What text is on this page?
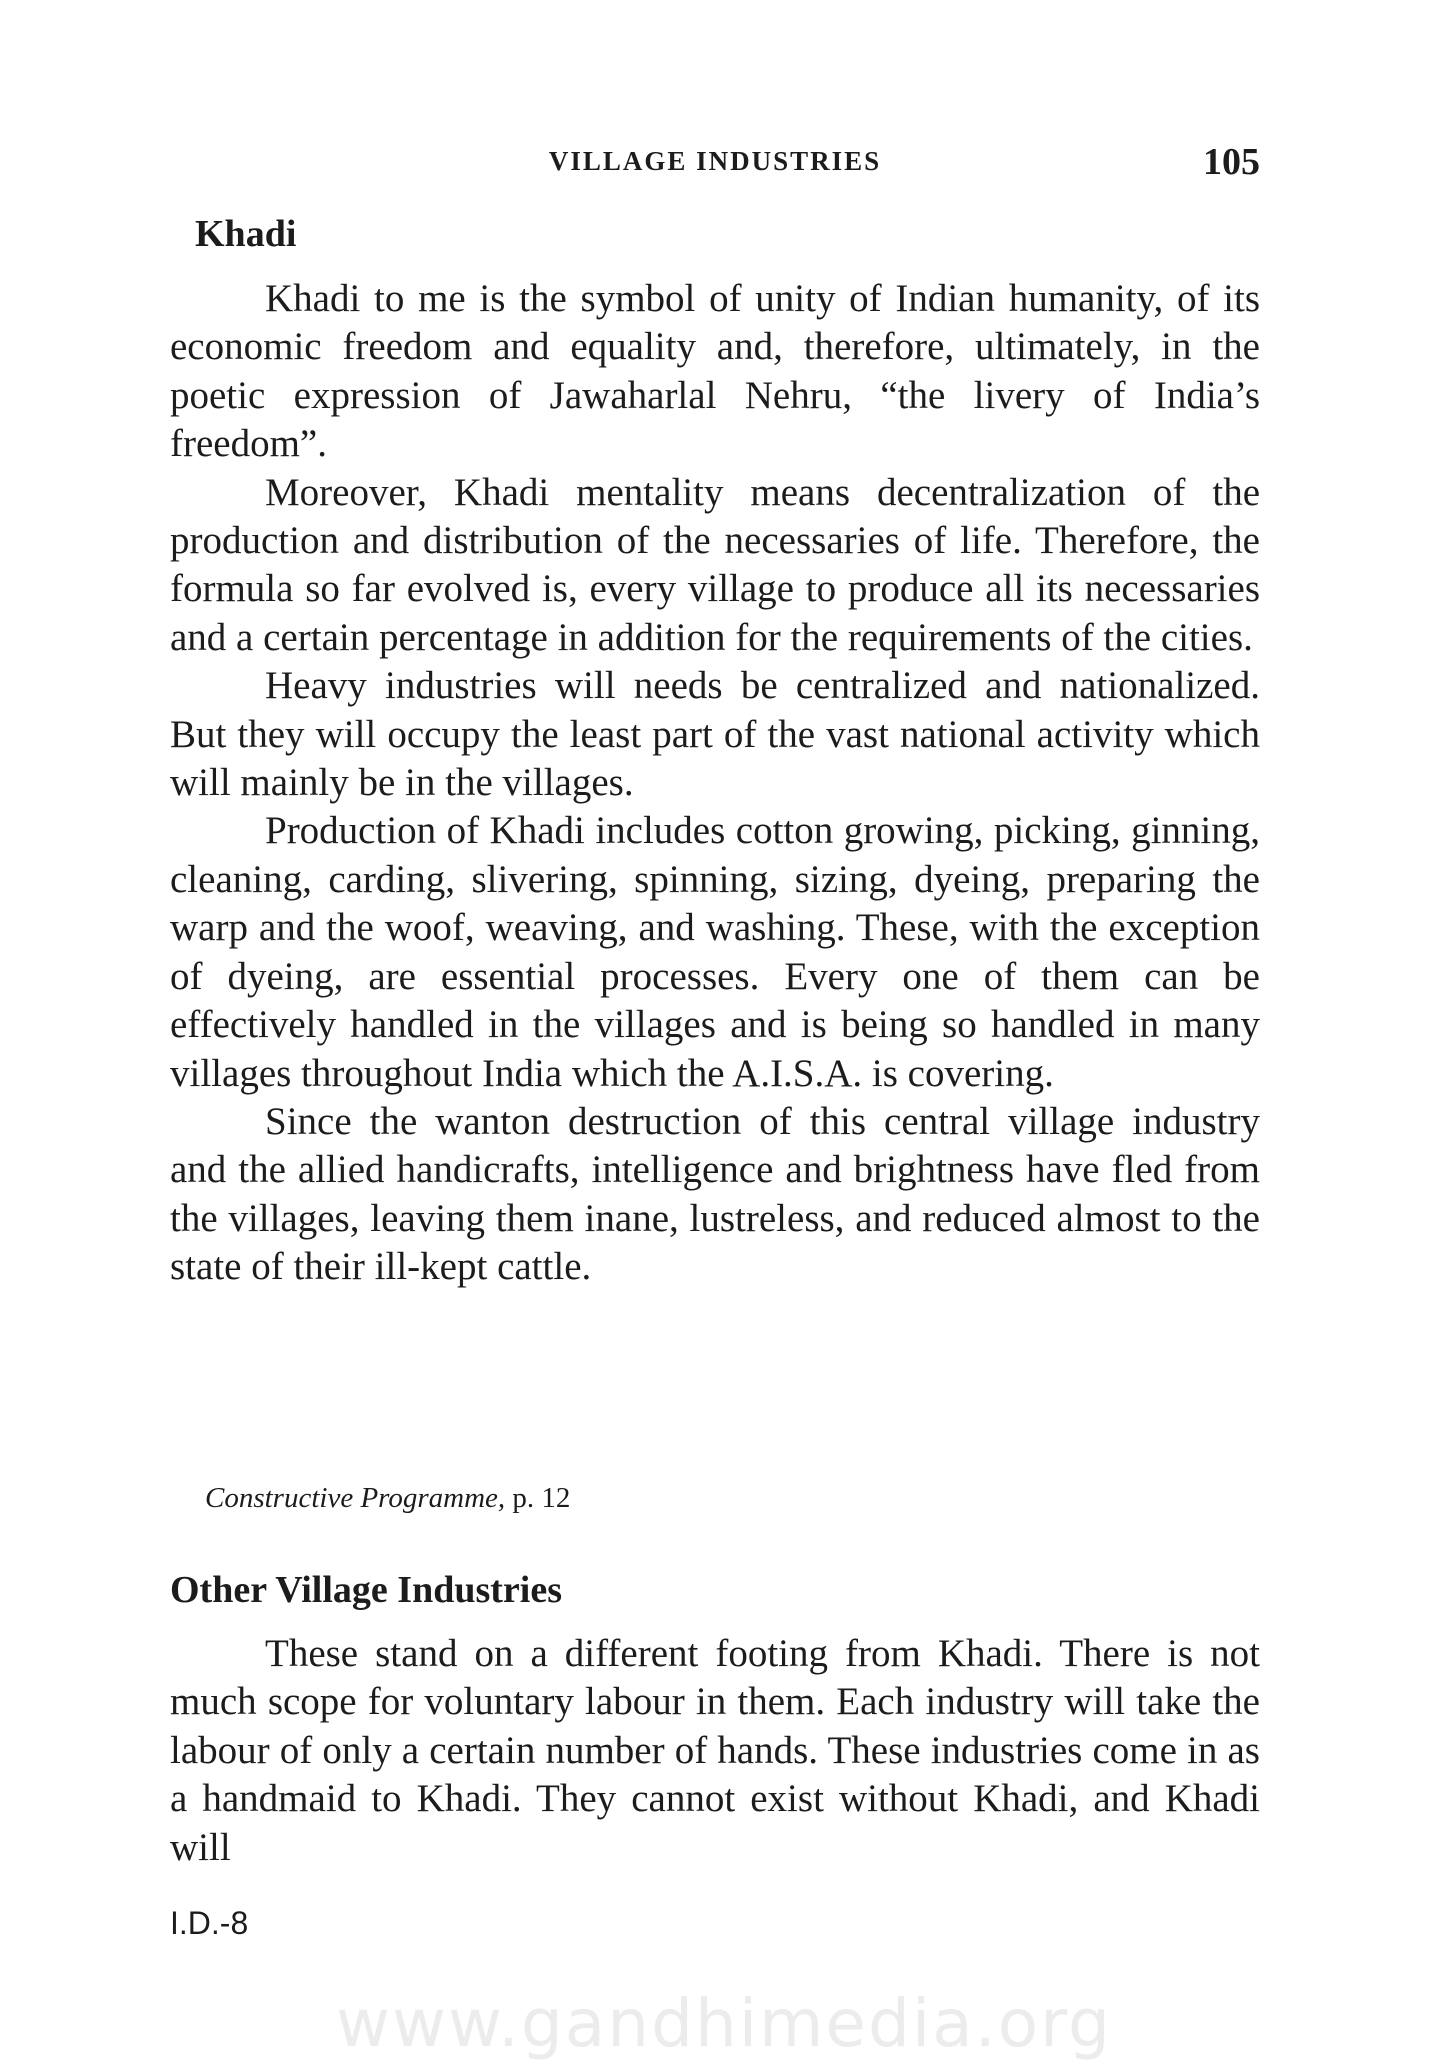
VILLAGE INDUSTRIES	105
Khadi

Khadi to me is the symbol of unity of Indian humanity, of its economic freedom and equality and, therefore, ultimately, in the poetic expression of Jawaharlal Nehru, “the livery of India’s freedom”.

Moreover, Khadi mentality means decentralization of the production and distribution of the necessaries of life. Therefore, the formula so far evolved is, every village to produce all its necessaries and a certain percentage in addition for the requirements of the cities.

Heavy industries will needs be centralized and nationalized. But they will occupy the least part of the vast national activity which will mainly be in the villages.

Production of Khadi includes cotton growing, picking, ginning, cleaning, carding, slivering, spinning, sizing, dyeing, preparing the warp and the woof, weaving, and washing. These, with the exception of dyeing, are essential processes. Every one of them can be effectively handled in the villages and is being so handled in many villages throughout India which the A.I.S.A. is covering.

Since the wanton destruction of this central village industry and the allied handicrafts, intelligence and brightness have fled from the villages, leaving them inane, lustreless, and reduced almost to the state of their ill-kept cattle.

Constructive Programme, p. 12
Other Village Industries

These stand on a different footing from Khadi. There is not much scope for voluntary labour in them. Each industry will take the labour of only a certain number of hands. These industries come in as a handmaid to Khadi. They cannot exist without Khadi, and Khadi will

I.D.-8
www.gandhimedia.org
